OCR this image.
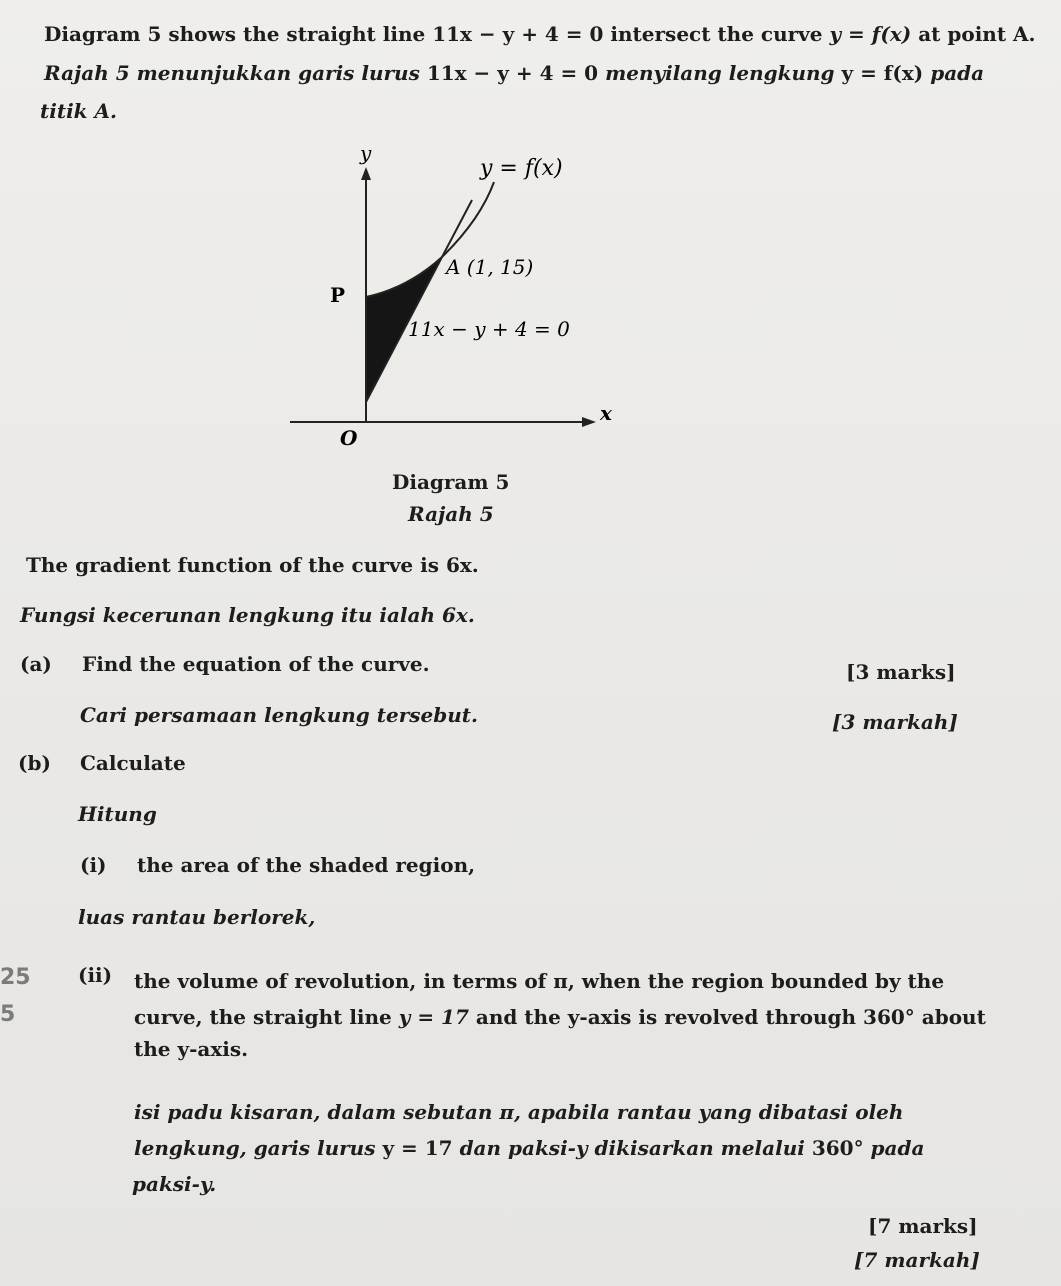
Diagram 5 shows the straight line 11x − y + 4 = 0 intersect the curve y = f(x) at point A.
Rajah 5 menunjukkan garis lurus 11x − y + 4 = 0 menyilang lengkung y = f(x) pada
titik A.
y
y = f(x)
A (1, 15)
P
11x − y + 4 = 0
x
O
Diagram 5
Rajah 5
The gradient function of the curve is 6x.
Fungsi kecerunan lengkung itu ialah 6x.
(a) Find the equation of the curve.	[3 marks]
Cari persamaan lengkung tersebut.	[3 markah]
(b) Calculate
Hitung
(i) the area of the shaded region,
luas rantau berlorek,
25
5
(ii) the volume of revolution, in terms of π, when the region bounded by the
curve, the straight line y = 17 and the y-axis is revolved through 360° about
the y-axis.
isi padu kisaran, dalam sebutan π, apabila rantau yang dibatasi oleh
lengkung, garis lurus y = 17 dan paksi-y dikisarkan melalui 360° pada
paksi-y.
[7 marks]
[7 markah]
